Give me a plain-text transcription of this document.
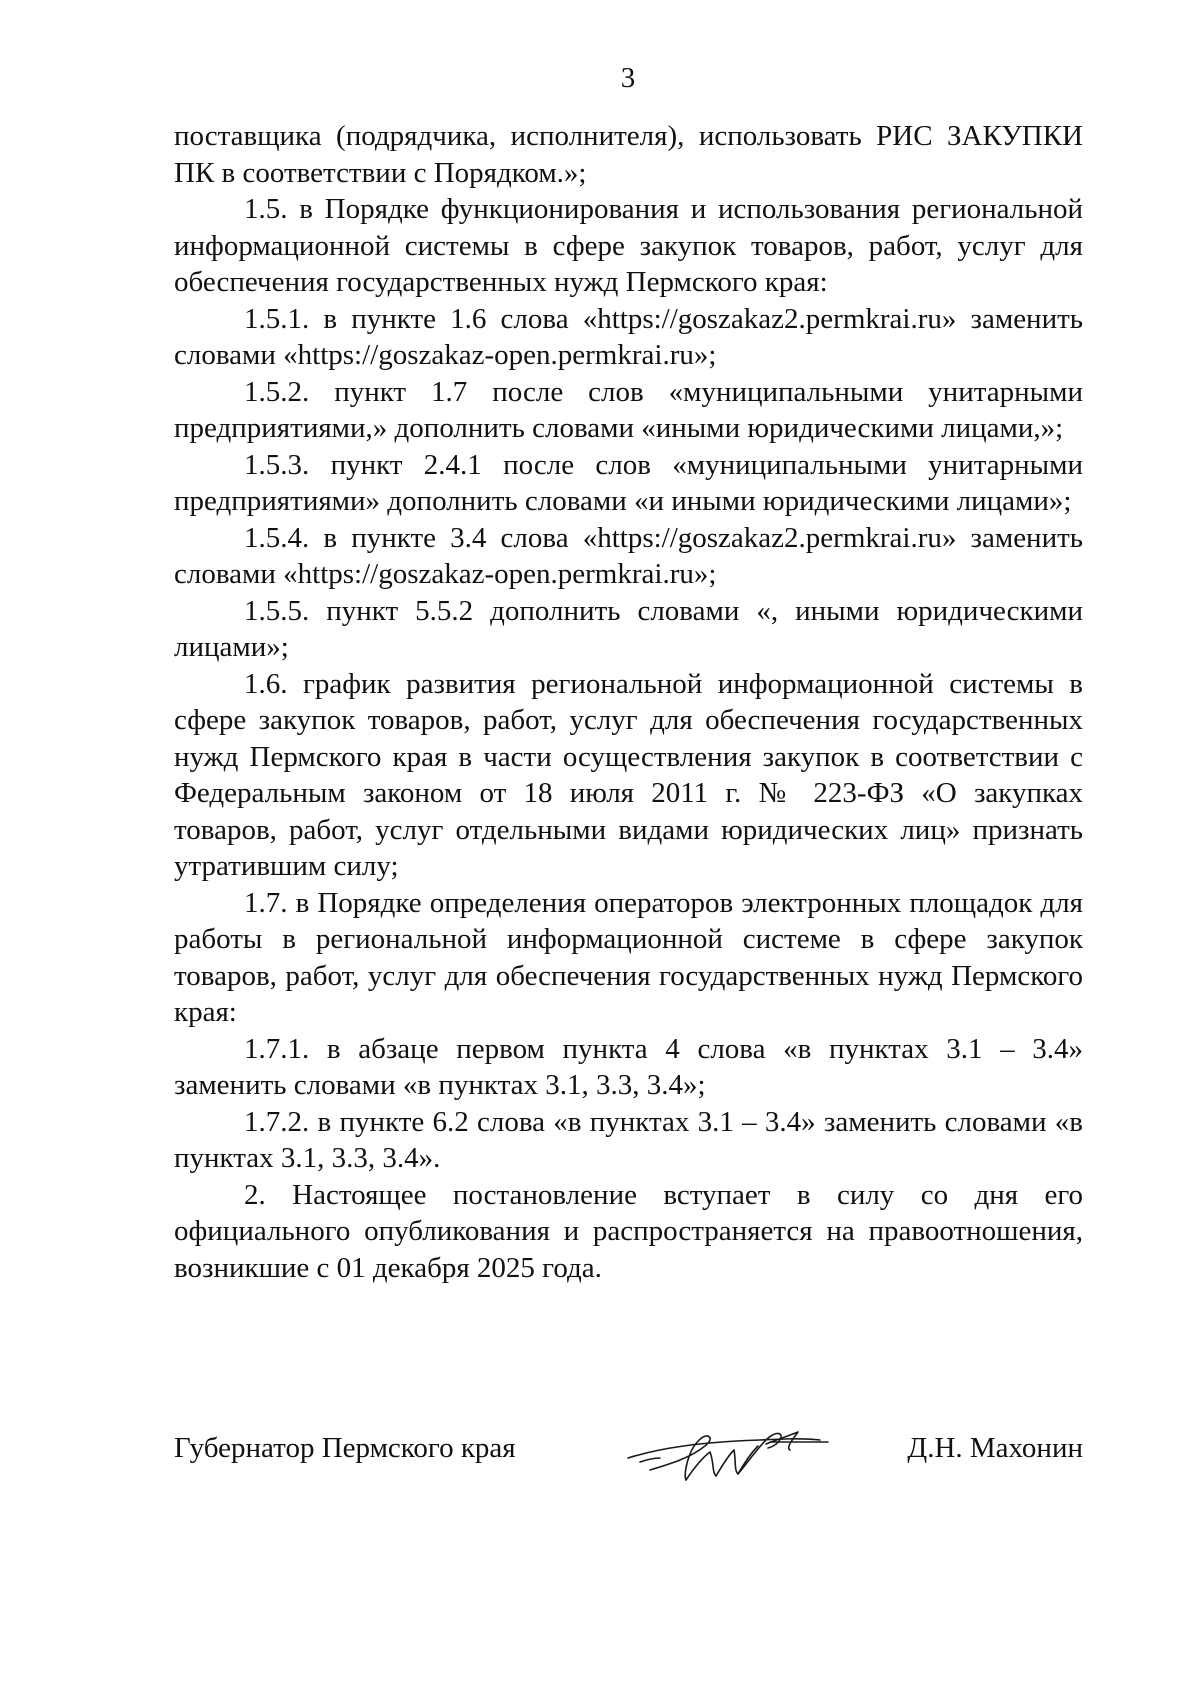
3

поставщика (подрядчика, исполнителя), использовать РИС ЗАКУПКИ ПК в соответствии с Порядком.»;

1.5. в Порядке функционирования и использования региональной информационной системы в сфере закупок товаров, работ, услуг для обеспечения государственных нужд Пермского края:

1.5.1. в пункте 1.6 слова «https://goszakaz2.permkrai.ru» заменить словами «https://goszakaz-open.permkrai.ru»;

1.5.2. пункт 1.7 после слов «муниципальными унитарными предприятиями,» дополнить словами «иными юридическими лицами,»;

1.5.3. пункт 2.4.1 после слов «муниципальными унитарными предприятиями» дополнить словами «и иными юридическими лицами»;

1.5.4. в пункте 3.4 слова «https://goszakaz2.permkrai.ru» заменить словами «https://goszakaz-open.permkrai.ru»;

1.5.5. пункт 5.5.2 дополнить словами «, иными юридическими лицами»;

1.6. график развития региональной информационной системы в сфере закупок товаров, работ, услуг для обеспечения государственных нужд Пермского края в части осуществления закупок в соответствии с Федеральным законом от 18 июля 2011 г. № 223-ФЗ «О закупках товаров, работ, услуг отдельными видами юридических лиц» признать утратившим силу;

1.7. в Порядке определения операторов электронных площадок для работы в региональной информационной системе в сфере закупок товаров, работ, услуг для обеспечения государственных нужд Пермского края:

1.7.1. в абзаце первом пункта 4 слова «в пунктах 3.1 – 3.4» заменить словами «в пунктах 3.1, 3.3, 3.4»;

1.7.2. в пункте 6.2 слова «в пунктах 3.1 – 3.4» заменить словами «в пунктах 3.1, 3.3, 3.4».

2. Настоящее постановление вступает в силу со дня его официального опубликования и распространяется на правоотношения, возникшие с 01 декабря 2025 года.

Губернатор Пермского края	Д.Н. Махонин
